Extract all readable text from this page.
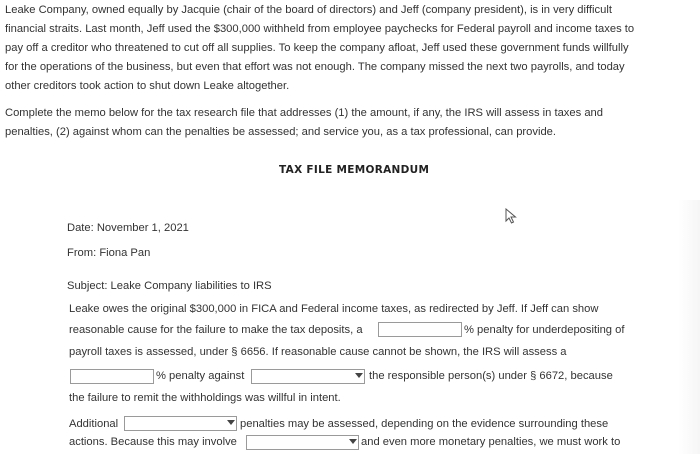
Leake Company, owned equally by Jacquie (chair of the board of directors) and Jeff (company president), is in very difficult
financial straits. Last month, Jeff used the $300,000 withheld from employee paychecks for Federal payroll and income taxes to
pay off a creditor who threatened to cut off all supplies. To keep the company afloat, Jeff used these government funds willfully
for the operations of the business, but even that effort was not enough. The company missed the next two payrolls, and today
other creditors took action to shut down Leake altogether.
Complete the memo below for the tax research file that addresses (1) the amount, if any, the IRS will assess in taxes and
penalties, (2) against whom can the penalties be assessed; and service you, as a tax professional, can provide.
TAX FILE MEMORANDUM
Date: November 1, 2021
From: Fiona Pan
Subject: Leake Company liabilities to IRS
Leake owes the original $300,000 in FICA and Federal income taxes, as redirected by Jeff. If Jeff can show
reasonable cause for the failure to make the tax deposits, a	% penalty for underdepositing of
payroll taxes is assessed, under § 6656. If reasonable cause cannot be shown, the IRS will assess a
% penalty against	the responsible person(s) under § 6672, because
the failure to remit the withholdings was willful in intent.
Additional	penalties may be assessed, depending on the evidence surrounding these
actions. Because this may involve	and even more monetary penalties, we must work to
